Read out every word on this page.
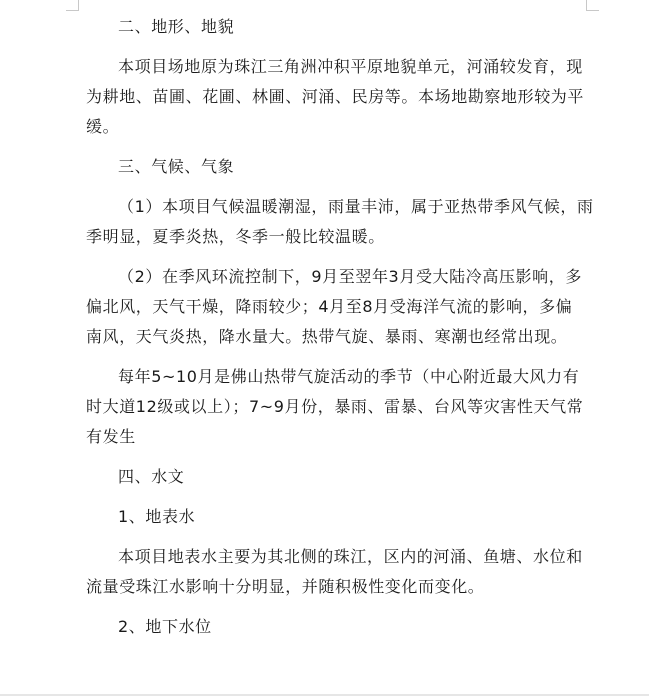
二、地形、地貌
本项目场地原为珠江三角洲冲积平原地貌单元，河涌较发育，现
为耕地、苗圃、花圃、林圃、河涌、民房等。本场地勘察地形较为平
缓。
三、气候、气象
（1）本项目气候温暖潮湿，雨量丰沛，属于亚热带季风气候，雨
季明显，夏季炎热，冬季一般比较温暖。
（2）在季风环流控制下，9月至翌年3月受大陆冷高压影响，多
偏北风，天气干燥，降雨较少；4月至8月受海洋气流的影响，多偏
南风，天气炎热，降水量大。热带气旋、暴雨、寒潮也经常出现。
每年5~10月是佛山热带气旋活动的季节（中心附近最大风力有
时大道12级或以上）；7~9月份，暴雨、雷暴、台风等灾害性天气常
有发生
四、水文
1、地表水
本项目地表水主要为其北侧的珠江，区内的河涌、鱼塘、水位和
流量受珠江水影响十分明显，并随积极性变化而变化。
2、地下水位
